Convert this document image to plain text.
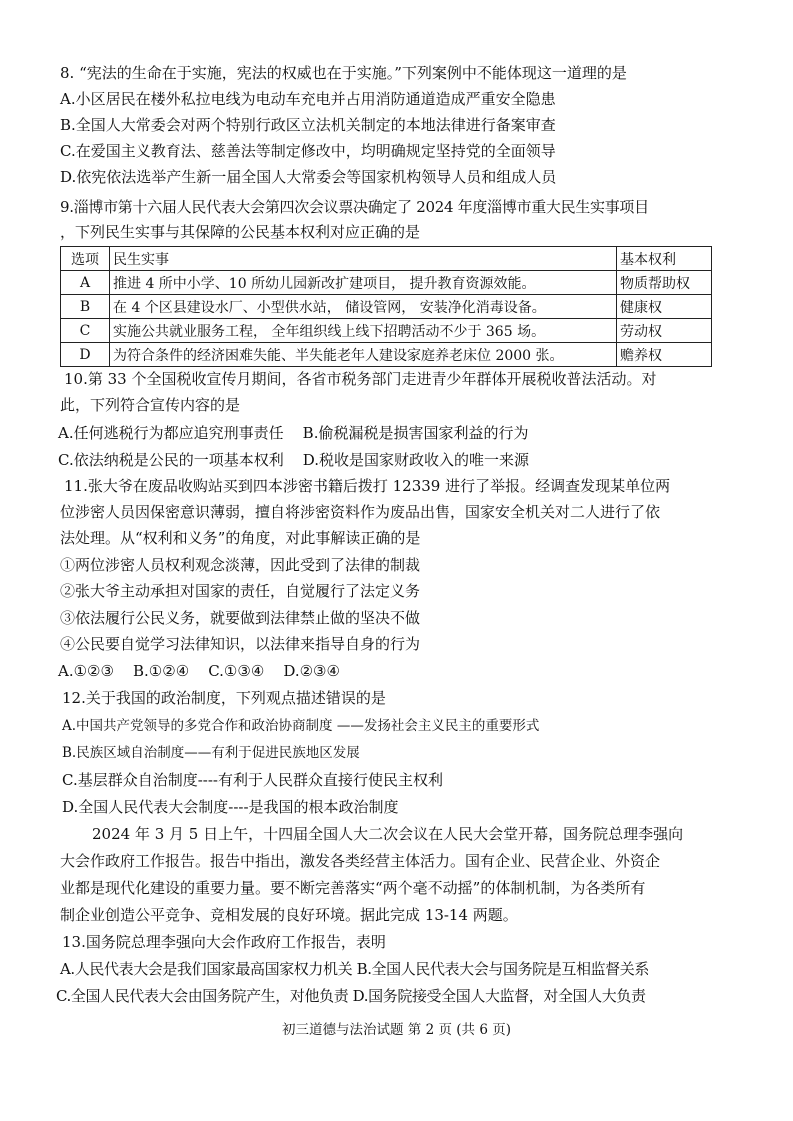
8. “宪法的生命在于实施，宪法的权威也在于实施。”下列案例中不能体现这一道理的是
A.小区居民在楼外私拉电线为电动车充电并占用消防通道造成严重安全隐患
B.全国人大常委会对两个特别行政区立法机关制定的本地法律进行备案审查
C.在爱国主义教育法、慈善法等制定修改中，均明确规定坚持党的全面领导
D.依宪依法选举产生新一届全国人大常委会等国家机构领导人员和组成人员
9.淄博市第十六届人民代表大会第四次会议票决确定了 2024 年度淄博市重大民生实事项目
，下列民生实事与其保障的公民基本权利对应正确的是
选项	民生实事	基本权利
A	推进 4 所中小学、10 所幼儿园新改扩建项目， 提升教育资源效能。	物质帮助权
B	在 4 个区县建设水厂、小型供水站， 储设管网， 安装净化消毒设备。	健康权
C	实施公共就业服务工程， 全年组织线上线下招聘活动不少于 365 场。	劳动权
D	为符合条件的经济困难失能、半失能老年人建设家庭养老床位 2000 张。	赡养权
10.第 33 个全国税收宣传月期间，各省市税务部门走进青少年群体开展税收普法活动。对
此，下列符合宣传内容的是
A.任何逃税行为都应追究刑事责任    B.偷税漏税是损害国家利益的行为
C.依法纳税是公民的一项基本权利    D.税收是国家财政收入的唯一来源
11.张大爷在废品收购站买到四本涉密书籍后拨打 12339 进行了举报。经调查发现某单位两
位涉密人员因保密意识薄弱，擅自将涉密资料作为废品出售，国家安全机关对二人进行了依
法处理。从“权利和义务”的角度，对此事解读正确的是
①两位涉密人员权利观念淡薄，因此受到了法律的制裁
②张大爷主动承担对国家的责任，自觉履行了法定义务
③依法履行公民义务，就要做到法律禁止做的坚决不做
④公民要自觉学习法律知识，以法律来指导自身的行为
A.①②③    B.①②④    C.①③④    D.②③④
12.关于我国的政治制度，下列观点描述错误的是
A.中国共产党领导的多党合作和政治协商制度 ——发扬社会主义民主的重要形式
B.民族区域自治制度——有利于促进民族地区发展
C.基层群众自治制度----有利于人民群众直接行使民主权利
D.全国人民代表大会制度----是我国的根本政治制度
2024 年 3 月 5 日上午，十四届全国人大二次会议在人民大会堂开幕，国务院总理李强向
大会作政府工作报告。报告中指出，激发各类经营主体活力。国有企业、民营企业、外资企
业都是现代化建设的重要力量。要不断完善落实“两个毫不动摇”的体制机制，为各类所有
制企业创造公平竞争、竞相发展的良好环境。据此完成 13-14 两题。
13.国务院总理李强向大会作政府工作报告，表明
A.人民代表大会是我们国家最高国家权力机关 B.全国人民代表大会与国务院是互相监督关系
C.全国人民代表大会由国务院产生，对他负责 D.国务院接受全国人大监督，对全国人大负责
初三道德与法治试题 第 2 页 (共 6 页)
